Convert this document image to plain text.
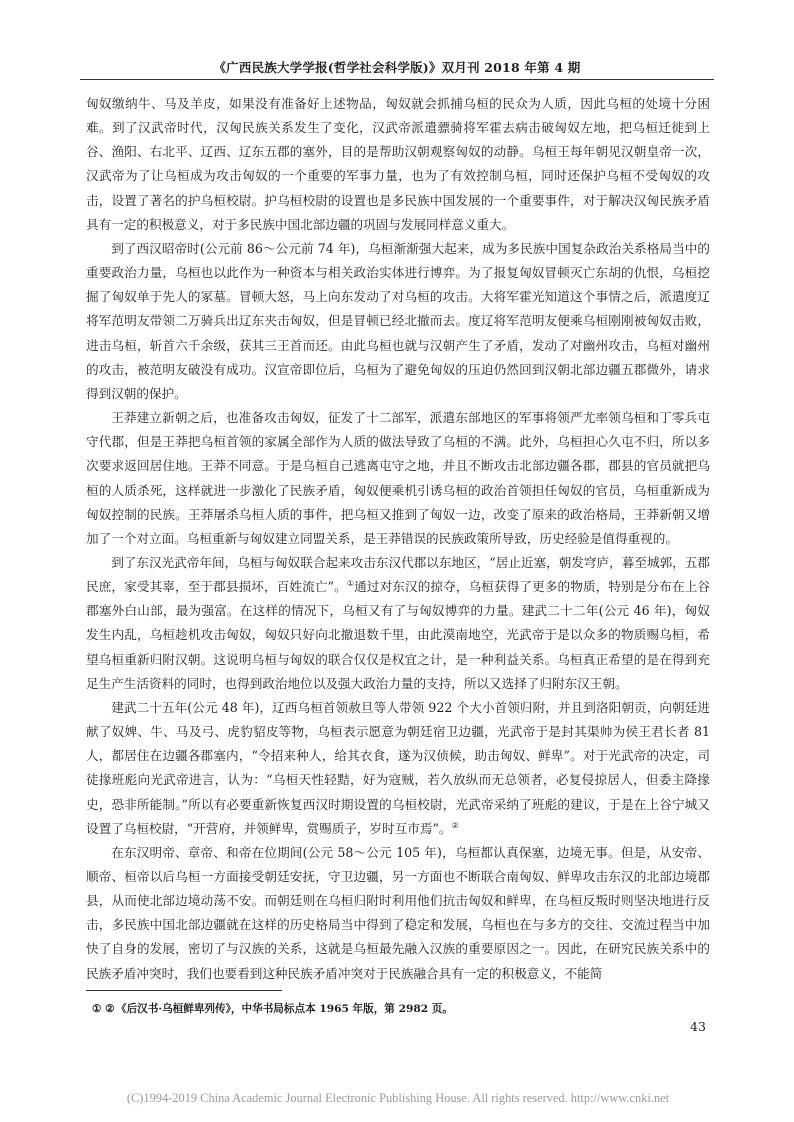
《广西民族大学学报(哲学社会科学版)》双月刊 2018 年第 4 期

匈奴缴纳牛、马及羊皮，如果没有准备好上述物品，匈奴就会抓捕乌桓的民众为人质，因此乌桓的处境十分困难。到了汉武帝时代，汉匈民族关系发生了变化，汉武帝派遣骠骑将军霍去病击破匈奴左地，把乌桓迁徙到上谷、渔阳、右北平、辽西、辽东五郡的塞外，目的是帮助汉朝观察匈奴的动静。乌桓王每年朝见汉朝皇帝一次，汉武帝为了让乌桓成为攻击匈奴的一个重要的军事力量，也为了有效控制乌桓，同时还保护乌桓不受匈奴的攻击，设置了著名的护乌桓校尉。护乌桓校尉的设置也是多民族中国发展的一个重要事件，对于解决汉匈民族矛盾具有一定的积极意义，对于多民族中国北部边疆的巩固与发展同样意义重大。

到了西汉昭帝时(公元前 86～公元前 74 年)，乌桓渐渐强大起来，成为多民族中国复杂政治关系格局当中的重要政治力量，乌桓也以此作为一种资本与相关政治实体进行博弈。为了报复匈奴冒顿灭亡东胡的仇恨，乌桓挖掘了匈奴单于先人的冢墓。冒顿大怒，马上向东发动了对乌桓的攻击。大将军霍光知道这个事情之后，派遣度辽将军范明友带领二万骑兵出辽东夹击匈奴，但是冒顿已经北撤而去。度辽将军范明友便乘乌桓刚刚被匈奴击败，进击乌桓，斩首六千余级，获其三王首而还。由此乌桓也就与汉朝产生了矛盾，发动了对幽州攻击，乌桓对幽州的攻击，被范明友破没有成功。汉宣帝即位后，乌桓为了避免匈奴的压迫仍然回到汉朝北部边疆五郡微外，请求得到汉朝的保护。

王莽建立新朝之后，也准备攻击匈奴，征发了十二部军，派遣东部地区的军事将领严尤率领乌桓和丁零兵屯守代郡，但是王莽把乌桓首领的家属全部作为人质的做法导致了乌桓的不满。此外，乌桓担心久屯不归，所以多次要求返回居住地。王莽不同意。于是乌桓自己逃离屯守之地，并且不断攻击北部边疆各郡，郡县的官员就把乌桓的人质杀死，这样就进一步激化了民族矛盾，匈奴便乘机引诱乌桓的政治首领担任匈奴的官员，乌桓重新成为匈奴控制的民族。王莽屠杀乌桓人质的事件，把乌桓又推到了匈奴一边，改变了原来的政治格局，王莽新朝又增加了一个对立面。乌桓重新与匈奴建立同盟关系，是王莽错误的民族政策所导致，历史经验是值得重视的。

到了东汉光武帝年间，乌桓与匈奴联合起来攻击东汉代郡以东地区，“居止近塞，朝发穹庐，暮至城郭，五郡民庶，家受其辜，至于郡县损坏，百姓流亡”。①通过对东汉的掠夺，乌桓获得了更多的物质，特别是分布在上谷郡塞外白山部，最为强富。在这样的情况下，乌桓又有了与匈奴博弈的力量。建武二十二年(公元 46 年)，匈奴发生内乱，乌桓趁机攻击匈奴，匈奴只好向北撤退数千里，由此漠南地空，光武帝于是以众多的物质赐乌桓，希望乌桓重新归附汉朝。这说明乌桓与匈奴的联合仅仅是权宜之计，是一种利益关系。乌桓真正希望的是在得到充足生产生活资料的同时，也得到政治地位以及强大政治力量的支持，所以又选择了归附东汉王朝。

建武二十五年(公元 48 年)，辽西乌桓首领赦旦等人带领 922 个大小首领归附，并且到洛阳朝贡，向朝廷进献了奴婢、牛、马及弓、虎豹貂皮等物，乌桓表示愿意为朝廷宿卫边疆，光武帝于是封其渠帅为侯王君长者 81 人，都居住在边疆各郡塞内，“令招来种人，给其衣食，遂为汉侦候，助击匈奴、鲜卑”。对于光武帝的决定，司徒掾班彪向光武帝进言，认为：“乌桓天性轻黠，好为寇贼，若久放纵而无总领者，必复侵掠居人，但委主降掾史，恐非所能制。”所以有必要重新恢复西汉时期设置的乌桓校尉，光武帝采纳了班彪的建议，于是在上谷宁城又设置了乌桓校尉，“开营府，并领鲜卑，赏赐质子，岁时互市焉”。②

在东汉明帝、章帝、和帝在位期间(公元 58～公元 105 年)，乌桓都认真保塞，边境无事。但是，从安帝、顺帝、桓帝以后乌桓一方面接受朝廷安抚，守卫边疆，另一方面也不断联合南匈奴、鲜卑攻击东汉的北部边境郡县，从而使北部边境动荡不安。而朝廷则在乌桓归附时利用他们抗击匈奴和鲜卑，在乌桓反叛时则坚决地进行反击，多民族中国北部边疆就在这样的历史格局当中得到了稳定和发展，乌桓也在与多方的交往、交流过程当中加快了自身的发展，密切了与汉族的关系，这就是乌桓最先融入汉族的重要原因之一。因此，在研究民族关系中的民族矛盾冲突时，我们也要看到这种民族矛盾冲突对于民族融合具有一定的积极意义，不能简

① ②《后汉书·乌桓鲜卑列传》，中华书局标点本 1965 年版，第 2982 页。
43
(C)1994-2019 China Academic Journal Electronic Publishing House. All rights reserved. http://www.cnki.net
